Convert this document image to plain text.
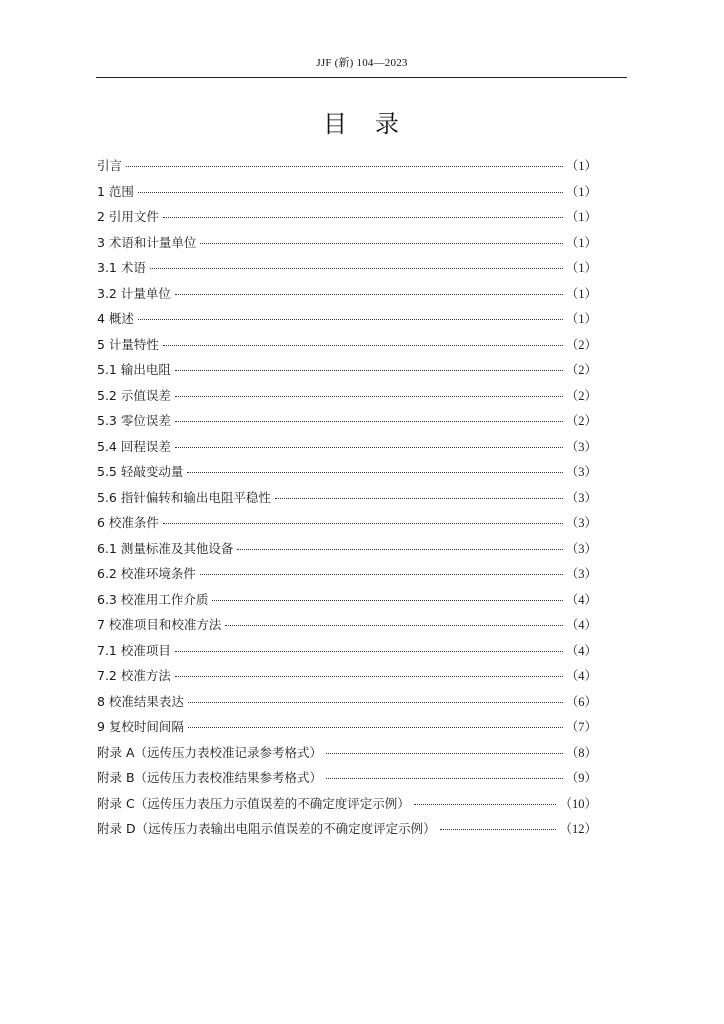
JJF (新) 104—2023
目　录
引言	（1）
1 范围	（1）
2 引用文件	（1）
3 术语和计量单位	（1）
3.1 术语	（1）
3.2 计量单位	（1）
4 概述	（1）
5 计量特性	（2）
5.1 输出电阻	（2）
5.2 示值误差	（2）
5.3 零位误差	（2）
5.4 回程误差	（3）
5.5 轻敲变动量	（3）
5.6 指针偏转和输出电阻平稳性	（3）
6 校准条件	（3）
6.1 测量标准及其他设备	（3）
6.2 校准环境条件	（3）
6.3 校准用工作介质	（4）
7 校准项目和校准方法	（4）
7.1 校准项目	（4）
7.2 校准方法	（4）
8 校准结果表达	（6）
9 复校时间间隔	（7）
附录 A（远传压力表校准记录参考格式）	（8）
附录 B（远传压力表校准结果参考格式）	（9）
附录 C（远传压力表压力示值误差的不确定度评定示例）	（10）
附录 D（远传压力表输出电阻示值误差的不确定度评定示例）	（12）
